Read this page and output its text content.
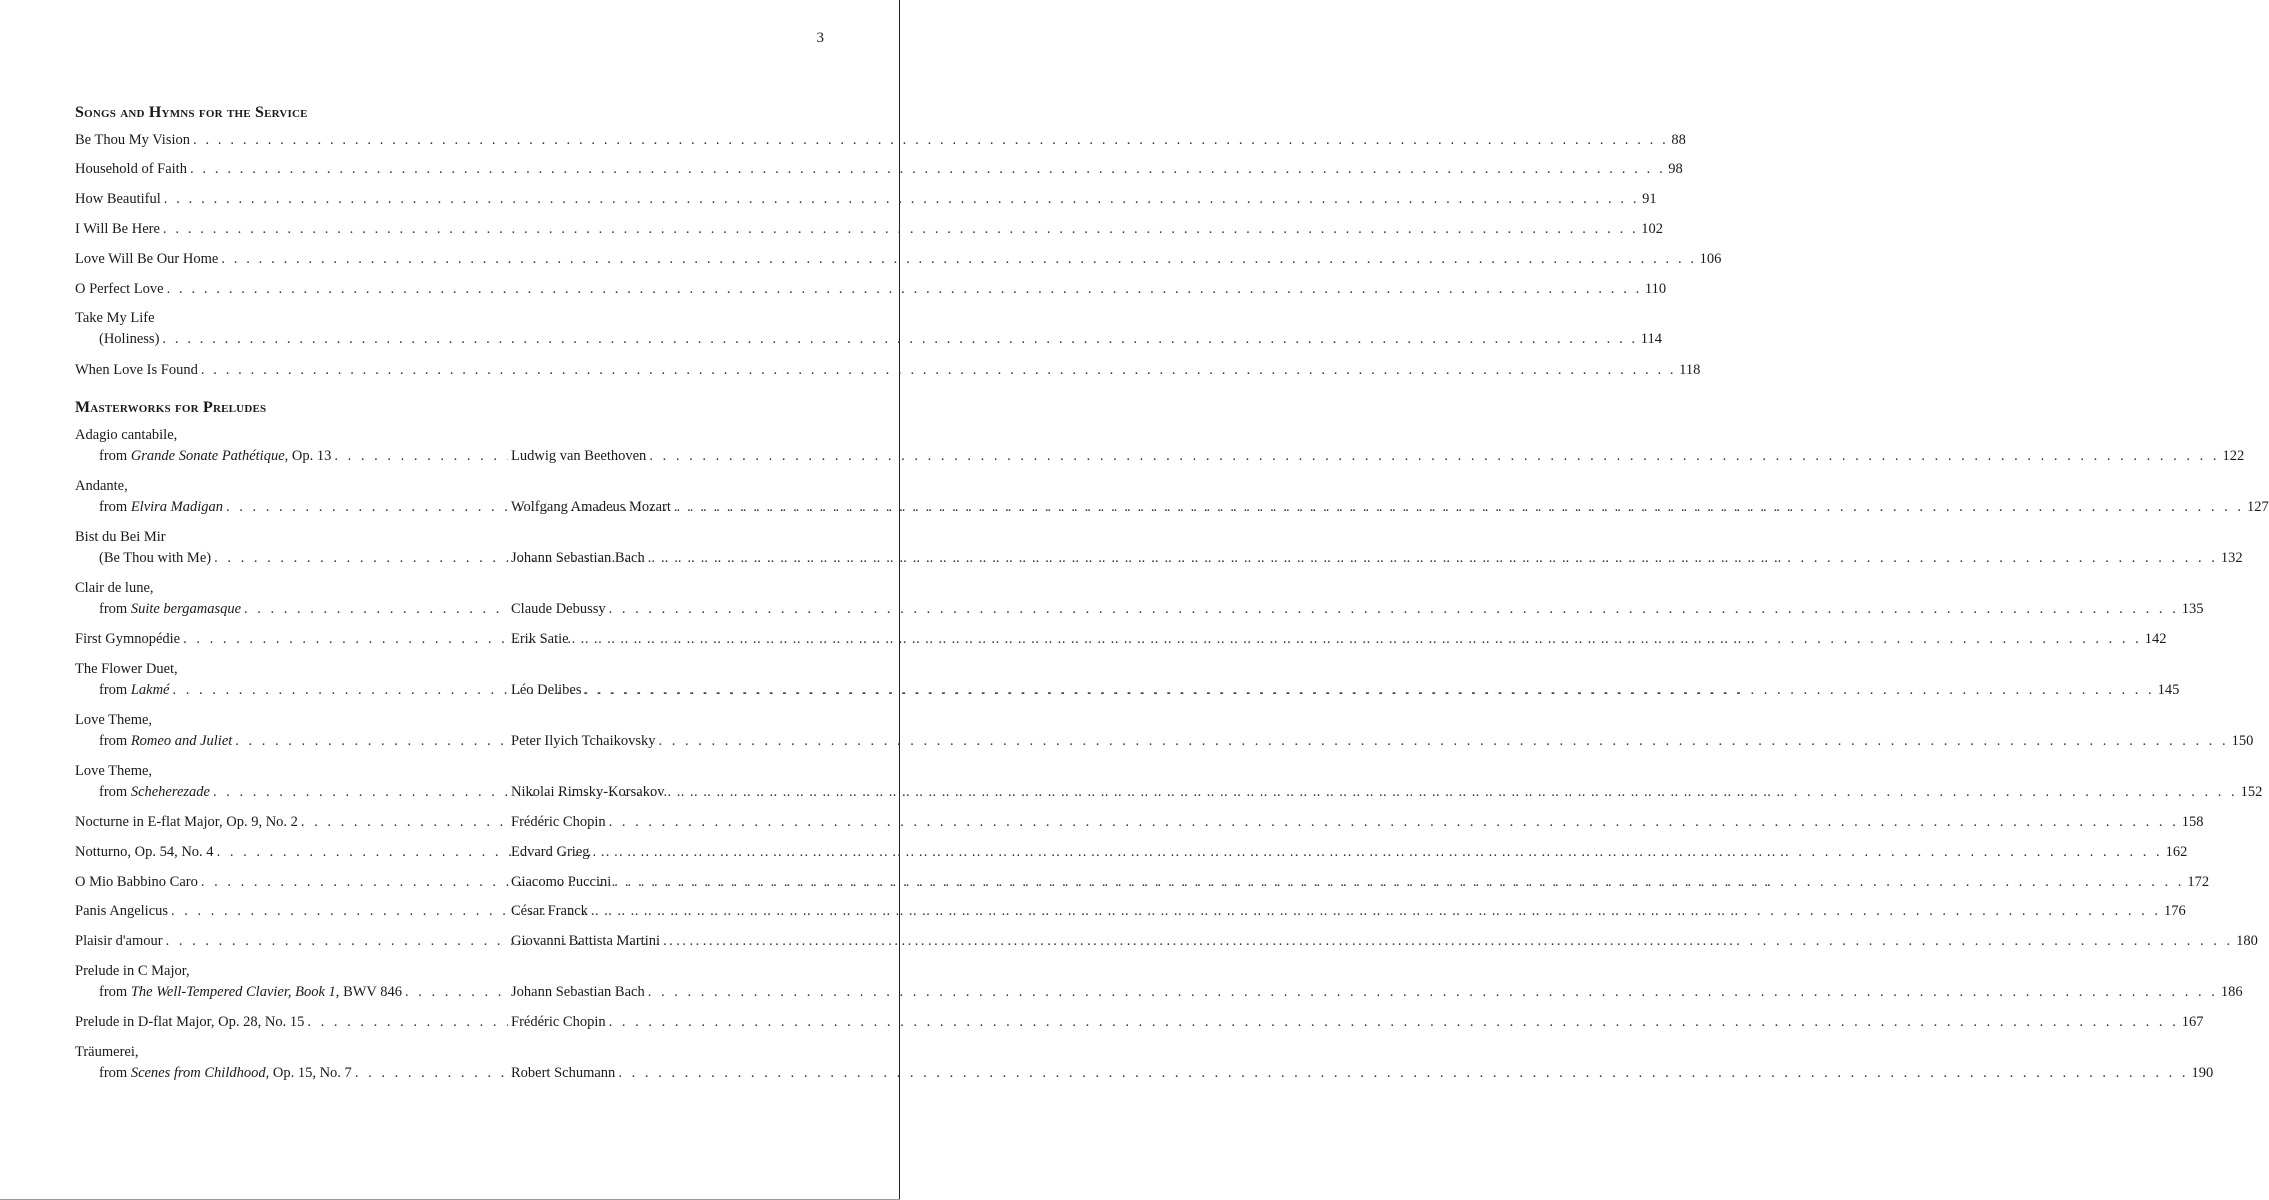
3
Songs and Hymns for the Service
Be Thou My Vision . . .	88
Household of Faith . . .	98
How Beautiful . . .	91
I Will Be Here . . .	102
Love Will Be Our Home . . .	106
O Perfect Love . . .	110
Take My Life
(Holiness) . . .	114
When Love Is Found . . .	118
Masterworks for Preludes
Adagio cantabile,
from Grande Sonate Pathétique, Op. 13 . . .	Ludwig van Beethoven . . .	122
Andante,
from Elvira Madigan . . .	Wolfgang Amadeus Mozart . . .	127
Bist du Bei Mir
(Be Thou with Me) . . .	Johann Sebastian Bach . . .	132
Clair de lune,
from Suite bergamasque . . .	Claude Debussy . . .	135
First Gymnopédie . . .	Erik Satie . . .	142
The Flower Duet,
from Lakmé . . .	Léo Delibes . . .	145
Love Theme,
from Romeo and Juliet . . .	Peter Ilyich Tchaikovsky . . .	150
Love Theme,
from Scheherezade . . .	Nikolai Rimsky-Korsakov . . .	152
Nocturne in E-flat Major, Op. 9, No. 2 . . .	Frédéric Chopin . . .	158
Notturno, Op. 54, No. 4 . . .	Edvard Grieg . . .	162
O Mio Babbino Caro . . .	Giacomo Puccini . . .	172
Panis Angelicus . . .	César Franck . . .	176
Plaisir d'amour . . .	Giovanni Battista Martini . . .	180
Prelude in C Major,
from The Well-Tempered Clavier, Book 1, BWV 846 . . .	Johann Sebastian Bach . . .	186
Prelude in D-flat Major, Op. 28, No. 15 . . .	Frédéric Chopin . . .	167
Träumerei,
from Scenes from Childhood, Op. 15, No. 7 . . .	Robert Schumann . . .	190
